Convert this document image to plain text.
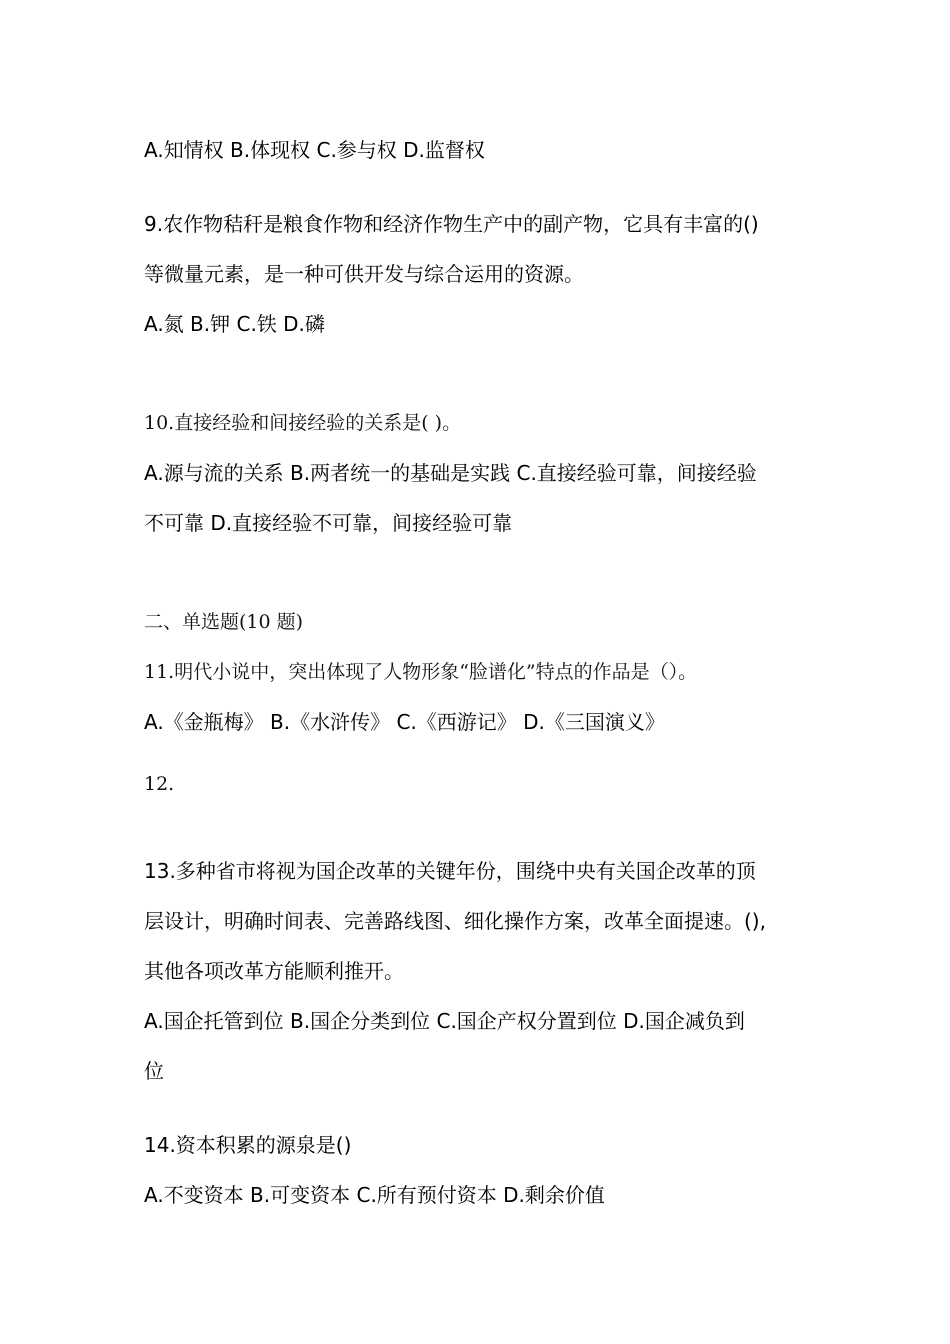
A.知情权 B.体现权 C.参与权 D.监督权
9.农作物秸秆是粮食作物和经济作物生产中的副产物，它具有丰富的()
等微量元素，是一种可供开发与综合运用的资源。
A.氮 B.钾 C.铁 D.磷
10.直接经验和间接经验的关系是( )。
A.源与流的关系 B.两者统一的基础是实践 C.直接经验可靠，间接经验
不可靠 D.直接经验不可靠，间接经验可靠
二、单选题(10 题)
11.明代小说中，突出体现了人物形象“脸谱化”特点的作品是（）。
A.《金瓶梅》 B.《水浒传》 C.《西游记》 D.《三国演义》
12.
13.多种省市将视为国企改革的关键年份，围绕中央有关国企改革的顶
层设计，明确时间表、完善路线图、细化操作方案，改革全面提速。(),
其他各项改革方能顺利推开。
A.国企托管到位 B.国企分类到位 C.国企产权分置到位 D.国企减负到
位
14.资本积累的源泉是()
A.不变资本 B.可变资本 C.所有预付资本 D.剩余价值
